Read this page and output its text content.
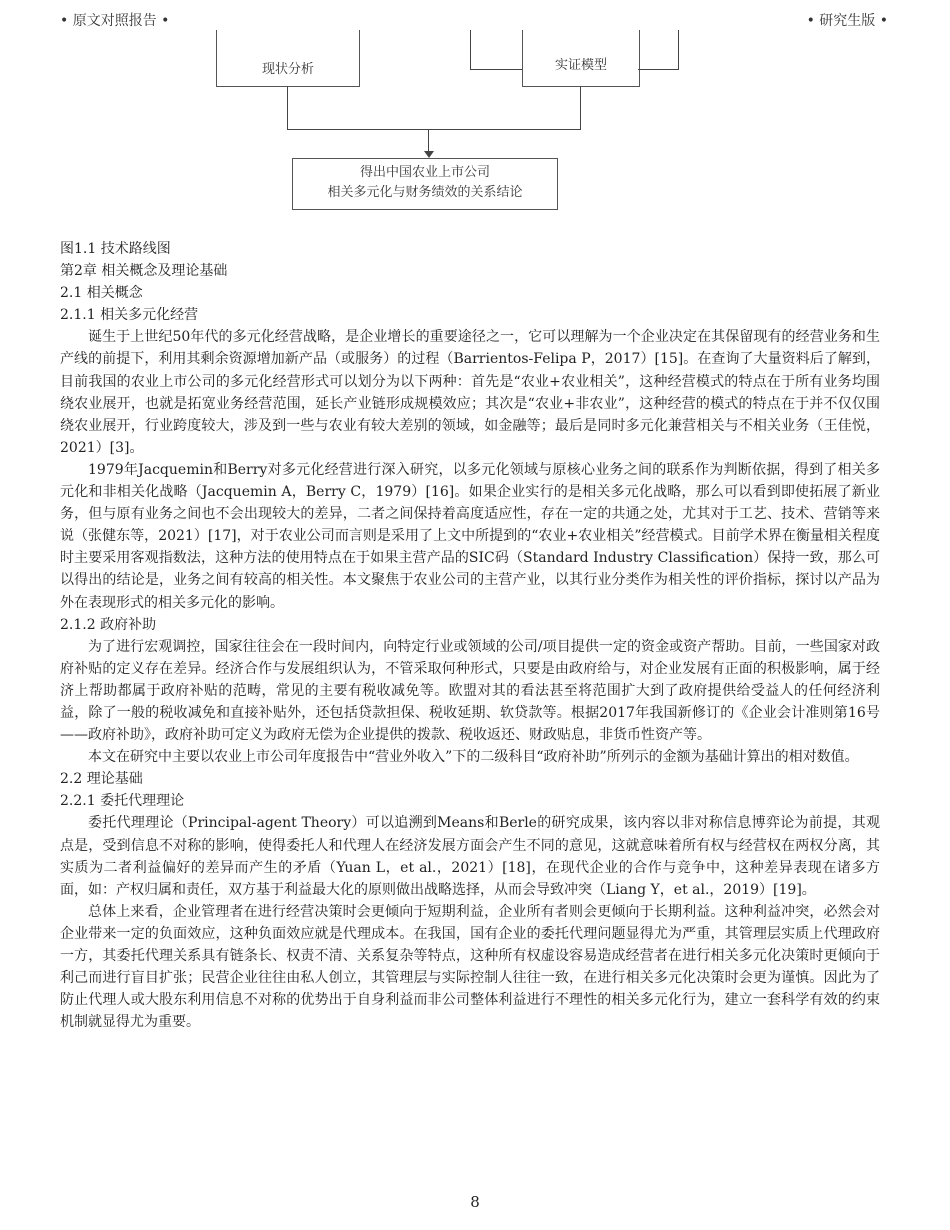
• 原文对照报告 •	• 研究生版 •

现状分析	实证模型
得出中国农业上市公司
相关多元化与财务绩效的关系结论

图1.1 技术路线图

第2章 相关概念及理论基础

2.1 相关概念

2.1.1 相关多元化经营

诞生于上世纪50年代的多元化经营战略，是企业增长的重要途径之一，它可以理解为一个企业决定在其保留现有的经营业务和生产线的前提下，利用其剩余资源增加新产品（或服务）的过程（Barrientos-Felipa P，2017）[15]。在查询了大量资料后了解到，目前我国的农业上市公司的多元化经营形式可以划分为以下两种：首先是“农业+农业相关”，这种经营模式的特点在于所有业务均围绕农业展开，也就是拓宽业务经营范围，延长产业链形成规模效应；其次是“农业+非农业”，这种经营的模式的特点在于并不仅仅围绕农业展开，行业跨度较大，涉及到一些与农业有较大差别的领域，如金融等；最后是同时多元化兼营相关与不相关业务（王佳悦，2021）[3]。

1979年Jacquemin和Berry对多元化经营进行深入研究，以多元化领域与原核心业务之间的联系作为判断依据，得到了相关多元化和非相关化战略（Jacquemin A，Berry C，1979）[16]。如果企业实行的是相关多元化战略，那么可以看到即使拓展了新业务，但与原有业务之间也不会出现较大的差异，二者之间保持着高度适应性，存在一定的共通之处，尤其对于工艺、技术、营销等来说（张健东等，2021）[17]，对于农业公司而言则是采用了上文中所提到的“农业+农业相关”经营模式。目前学术界在衡量相关程度时主要采用客观指数法，这种方法的使用特点在于如果主营产品的SIC码（Standard Industry Classification）保持一致，那么可以得出的结论是，业务之间有较高的相关性。本文聚焦于农业公司的主营产业，以其行业分类作为相关性的评价指标，探讨以产品为外在表现形式的相关多元化的影响。

2.1.2 政府补助

为了进行宏观调控，国家往往会在一段时间内，向特定行业或领域的公司/项目提供一定的资金或资产帮助。目前，一些国家对政府补贴的定义存在差异。经济合作与发展组织认为，不管采取何种形式，只要是由政府给与，对企业发展有正面的积极影响，属于经济上帮助都属于政府补贴的范畴，常见的主要有税收减免等。欧盟对其的看法甚至将范围扩大到了政府提供给受益人的任何经济利益，除了一般的税收减免和直接补贴外，还包括贷款担保、税收延期、软贷款等。根据2017年我国新修订的《企业会计准则第16号——政府补助》，政府补助可定义为政府无偿为企业提供的拨款、税收返还、财政贴息，非货币性资产等。

本文在研究中主要以农业上市公司年度报告中“营业外收入”下的二级科目“政府补助”所列示的金额为基础计算出的相对数值。

2.2 理论基础

2.2.1 委托代理理论

委托代理理论（Principal-agent Theory）可以追溯到Means和Berle的研究成果，该内容以非对称信息博弈论为前提，其观点是，受到信息不对称的影响，使得委托人和代理人在经济发展方面会产生不同的意见，这就意味着所有权与经营权在两权分离，其实质为二者利益偏好的差异而产生的矛盾（Yuan L，et al.，2021）[18]，在现代企业的合作与竞争中，这种差异表现在诸多方面，如：产权归属和责任，双方基于利益最大化的原则做出战略选择，从而会导致冲突（Liang Y，et al.，2019）[19]。

总体上来看，企业管理者在进行经营决策时会更倾向于短期利益，企业所有者则会更倾向于长期利益。这种利益冲突，必然会对企业带来一定的负面效应，这种负面效应就是代理成本。在我国，国有企业的委托代理问题显得尤为严重，其管理层实质上代理政府一方，其委托代理关系具有链条长、权责不清、关系复杂等特点，这种所有权虚设容易造成经营者在进行相关多元化决策时更倾向于利己而进行盲目扩张；民营企业往往由私人创立，其管理层与实际控制人往往一致，在进行相关多元化决策时会更为谨慎。因此为了防止代理人或大股东利用信息不对称的优势出于自身利益而非公司整体利益进行不理性的相关多元化行为，建立一套科学有效的约束机制就显得尤为重要。

8
